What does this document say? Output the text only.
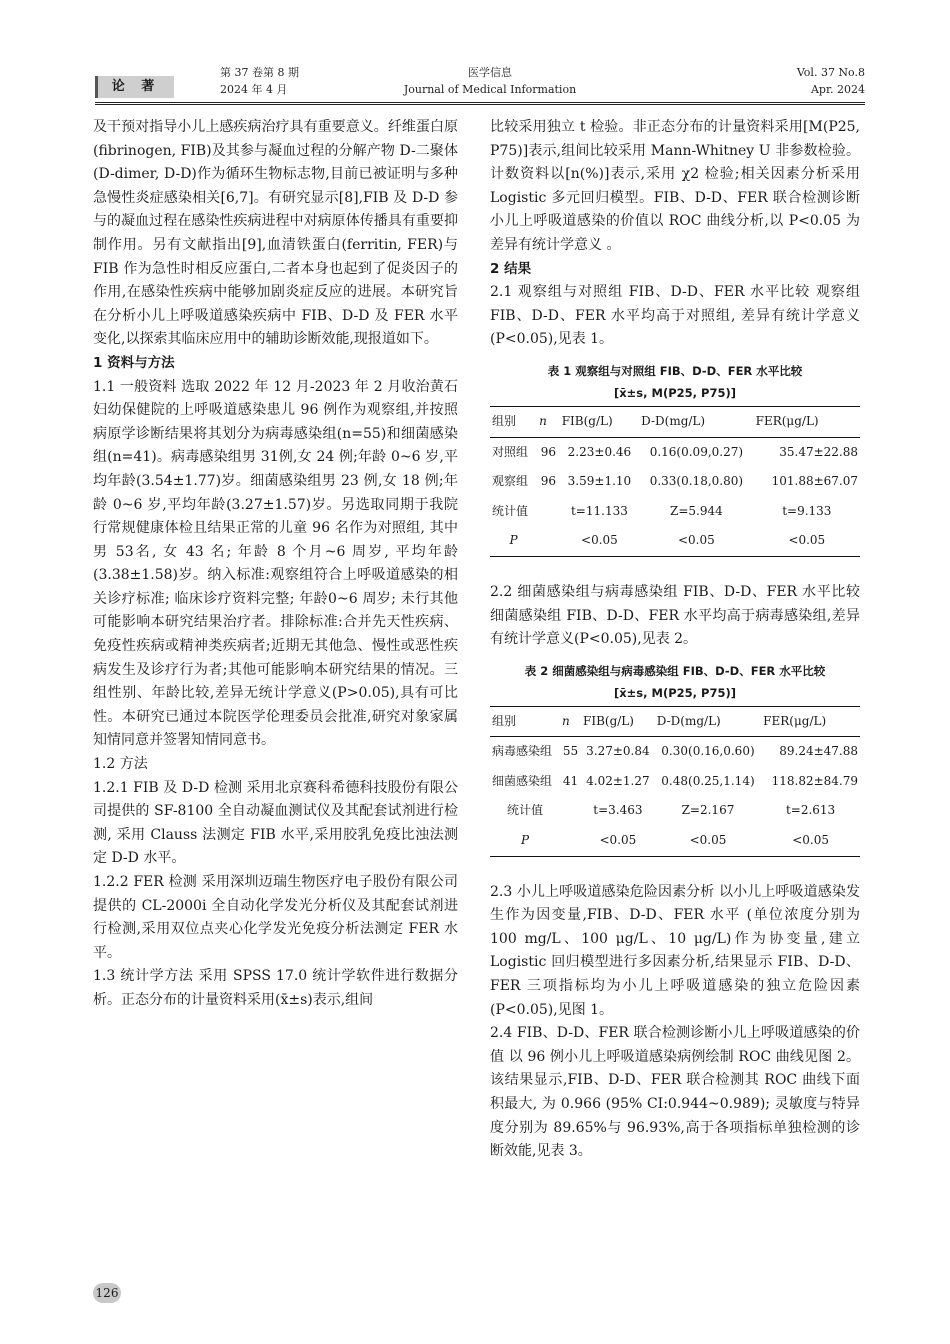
论 著
第 37 卷第 8 期
2024 年 4 月
医学信息
Journal of Medical Information
Vol. 37 No.8
Apr. 2024

及干预对指导小儿上感疾病治疗具有重要意义。纤维蛋白原(fibrinogen, FIB)及其参与凝血过程的分解产物 D-二聚体(D-dimer, D-D)作为循环生物标志物,目前已被证明与多种急慢性炎症感染相关[6,7]。有研究显示[8],FIB 及 D-D 参与的凝血过程在感染性疾病进程中对病原体传播具有重要抑制作用。另有文献指出[9],血清铁蛋白(ferritin, FER)与 FIB 作为急性时相反应蛋白,二者本身也起到了促炎因子的作用,在感染性疾病中能够加剧炎症反应的进展。本研究旨在分析小儿上呼吸道感染疾病中 FIB、D-D 及 FER 水平变化,以探索其临床应用中的辅助诊断效能,现报道如下。

1 资料与方法

1.1 一般资料 选取 2022 年 12 月-2023 年 2 月收治黄石妇幼保健院的上呼吸道感染患儿 96 例作为观察组,并按照病原学诊断结果将其划分为病毒感染组(n=55)和细菌感染组(n=41)。病毒感染组男 31例,女 24 例;年龄 0~6 岁,平均年龄(3.54±1.77)岁。细菌感染组男 23 例,女 18 例;年龄 0~6 岁,平均年龄(3.27±1.57)岁。另选取同期于我院行常规健康体检且结果正常的儿童 96 名作为对照组, 其中男 53名, 女 43 名; 年龄 8 个月~6 周岁, 平均年龄(3.38±1.58)岁。纳入标准:观察组符合上呼吸道感染的相关诊疗标准; 临床诊疗资料完整; 年龄0~6 周岁; 未行其他可能影响本研究结果治疗者。排除标准:合并先天性疾病、免疫性疾病或精神类疾病者;近期无其他急、慢性或恶性疾病发生及诊疗行为者;其他可能影响本研究结果的情况。三组性别、年龄比较,差异无统计学意义(P>0.05),具有可比性。本研究已通过本院医学伦理委员会批准,研究对象家属知情同意并签署知情同意书。

1.2 方法

1.2.1 FIB 及 D-D 检测 采用北京赛科希德科技股份有限公司提供的 SF-8100 全自动凝血测试仪及其配套试剂进行检测, 采用 Clauss 法测定 FIB 水平,采用胶乳免疫比浊法测定 D-D 水平。

1.2.2 FER 检测 采用深圳迈瑞生物医疗电子股份有限公司提供的 CL-2000i 全自动化学发光分析仪及其配套试剂进行检测,采用双位点夹心化学发光免疫分析法测定 FER 水平。

1.3 统计学方法 采用 SPSS 17.0 统计学软件进行数据分析。正态分布的计量资料采用(x̄±s)表示,组间

比较采用独立 t 检验。非正态分布的计量资料采用[M(P25, P75)]表示,组间比较采用 Mann-Whitney U 非参数检验。计数资料以[n(%)]表示,采用 χ2 检验;相关因素分析采用 Logistic 多元回归模型。FIB、D-D、FER 联合检测诊断小儿上呼吸道感染的价值以 ROC 曲线分析,以 P<0.05 为差异有统计学意义 。

2 结果

2.1 观察组与对照组 FIB、D-D、FER 水平比较 观察组 FIB、D-D、FER 水平均高于对照组, 差异有统计学意义(P<0.05),见表 1。

表 1 观察组与对照组 FIB、D-D、FER 水平比较

[x̄±s, M(P25, P75)]

组别	n	FIB(g/L)	D-D(mg/L)	FER(μg/L)
对照组	96	2.23±0.46	0.16(0.09,0.27)	35.47±22.88
观察组	96	3.59±1.10	0.33(0.18,0.80)	101.88±67.07
统计值		t=11.133	Z=5.944	t=9.133
P		<0.05	<0.05	<0.05

2.2 细菌感染组与病毒感染组 FIB、D-D、FER 水平比较 细菌感染组 FIB、D-D、FER 水平均高于病毒感染组,差异有统计学意义(P<0.05),见表 2。

表 2 细菌感染组与病毒感染组 FIB、D-D、FER 水平比较

[x̄±s, M(P25, P75)]

组别	n	FIB(g/L)	D-D(mg/L)	FER(μg/L)
病毒感染组	55	3.27±0.84	0.30(0.16,0.60)	89.24±47.88
细菌感染组	41	4.02±1.27	0.48(0.25,1.14)	118.82±84.79
统计值		t=3.463	Z=2.167	t=2.613
P		<0.05	<0.05	<0.05

2.3 小儿上呼吸道感染危险因素分析 以小儿上呼吸道感染发生作为因变量,FIB、D-D、FER 水平 (单位浓度分别为 100 mg/L、100 μg/L、10 μg/L)作为协变量,建立 Logistic 回归模型进行多因素分析,结果显示 FIB、D-D、FER 三项指标均为小儿上呼吸道感染的独立危险因素(P<0.05),见图 1。

2.4 FIB、D-D、FER 联合检测诊断小儿上呼吸道感染的价值 以 96 例小儿上呼吸道感染病例绘制 ROC 曲线见图 2。该结果显示,FIB、D-D、FER 联合检测其 ROC 曲线下面积最大, 为 0.966 (95% CI:0.944~0.989); 灵敏度与特异度分别为 89.65%与 96.93%,高于各项指标单独检测的诊断效能,见表 3。

126
